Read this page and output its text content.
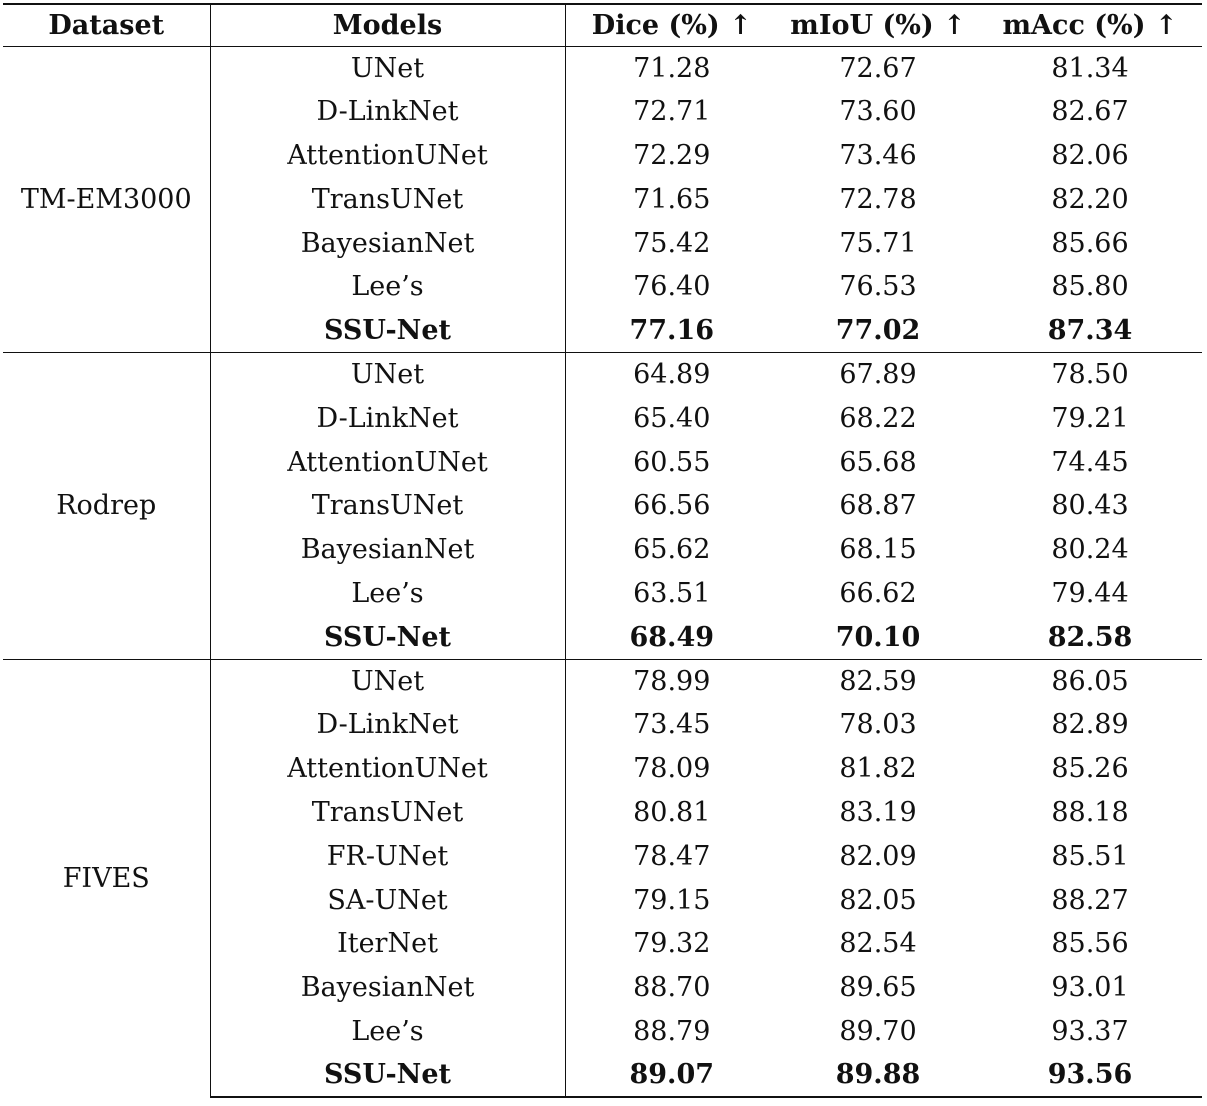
Dataset	Models	Dice (%) ↑	mIoU (%) ↑	mAcc (%) ↑
TM-EM3000	UNet	71.28	72.67	81.34
	D-LinkNet	72.71	73.60	82.67
	AttentionUNet	72.29	73.46	82.06
	TransUNet	71.65	72.78	82.20
	BayesianNet	75.42	75.71	85.66
	Lee’s	76.40	76.53	85.80
	SSU-Net	77.16	77.02	87.34
Rodrep	UNet	64.89	67.89	78.50
	D-LinkNet	65.40	68.22	79.21
	AttentionUNet	60.55	65.68	74.45
	TransUNet	66.56	68.87	80.43
	BayesianNet	65.62	68.15	80.24
	Lee’s	63.51	66.62	79.44
	SSU-Net	68.49	70.10	82.58
FIVES	UNet	78.99	82.59	86.05
	D-LinkNet	73.45	78.03	82.89
	AttentionUNet	78.09	81.82	85.26
	TransUNet	80.81	83.19	88.18
	FR-UNet	78.47	82.09	85.51
	SA-UNet	79.15	82.05	88.27
	IterNet	79.32	82.54	85.56
	BayesianNet	88.70	89.65	93.01
	Lee’s	88.79	89.70	93.37
	SSU-Net	89.07	89.88	93.56
